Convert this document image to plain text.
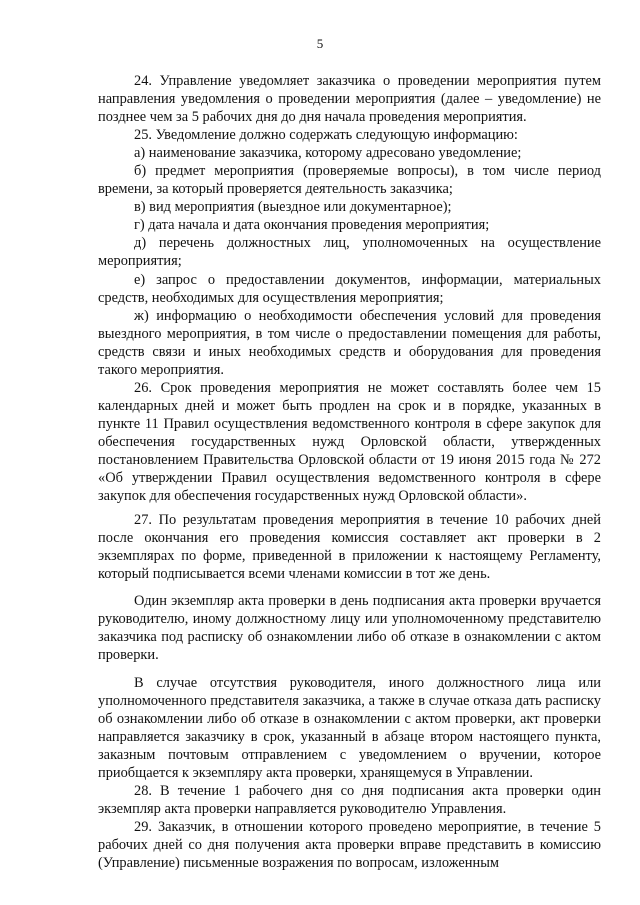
5

24. Управление уведомляет заказчика о проведении мероприятия путем направления уведомления о проведении мероприятия (далее – уведомление) не позднее чем за 5 рабочих дня до дня начала проведения мероприятия.

25. Уведомление должно содержать следующую информацию:

а) наименование заказчика, которому адресовано уведомление;

б) предмет мероприятия (проверяемые вопросы), в том числе период времени, за который проверяется деятельность заказчика;

в) вид мероприятия (выездное или документарное);

г) дата начала и дата окончания проведения мероприятия;

д) перечень должностных лиц, уполномоченных на осуществление мероприятия;

е) запрос о предоставлении документов, информации, материальных средств, необходимых для осуществления мероприятия;

ж) информацию о необходимости обеспечения условий для проведения выездного мероприятия, в том числе о предоставлении помещения для работы, средств связи и иных необходимых средств и оборудования для проведения такого мероприятия.

26. Срок проведения мероприятия не может составлять более чем 15 календарных дней и может быть продлен на срок и в порядке, указанных в пункте 11 Правил осуществления ведомственного контроля в сфере закупок для обеспечения государственных нужд Орловской области, утвержденных постановлением Правительства Орловской области от 19 июня 2015 года № 272 «Об утверждении Правил осуществления ведомственного контроля в сфере закупок для обеспечения государственных нужд Орловской области».

27. По результатам проведения мероприятия в течение 10 рабочих дней после окончания его проведения комиссия составляет акт проверки в 2 экземплярах по форме, приведенной в приложении к настоящему Регламенту, который подписывается всеми членами комиссии в тот же день.

Один экземпляр акта проверки в день подписания акта проверки вручается руководителю, иному должностному лицу или уполномоченному представителю заказчика под расписку об ознакомлении либо об отказе в ознакомлении с актом проверки.

В случае отсутствия руководителя, иного должностного лица или уполномоченного представителя заказчика, а также в случае отказа дать расписку об ознакомлении либо об отказе в ознакомлении с актом проверки, акт проверки направляется заказчику в срок, указанный в абзаце втором настоящего пункта, заказным почтовым отправлением с уведомлением о вручении, которое приобщается к экземпляру акта проверки, хранящемуся в Управлении.

28. В течение 1 рабочего дня со дня подписания акта проверки один экземпляр акта проверки направляется руководителю Управления.

29. Заказчик, в отношении которого проведено мероприятие, в течение 5 рабочих дней со дня получения акта проверки вправе представить в комиссию (Управление) письменные возражения по вопросам, изложенным
